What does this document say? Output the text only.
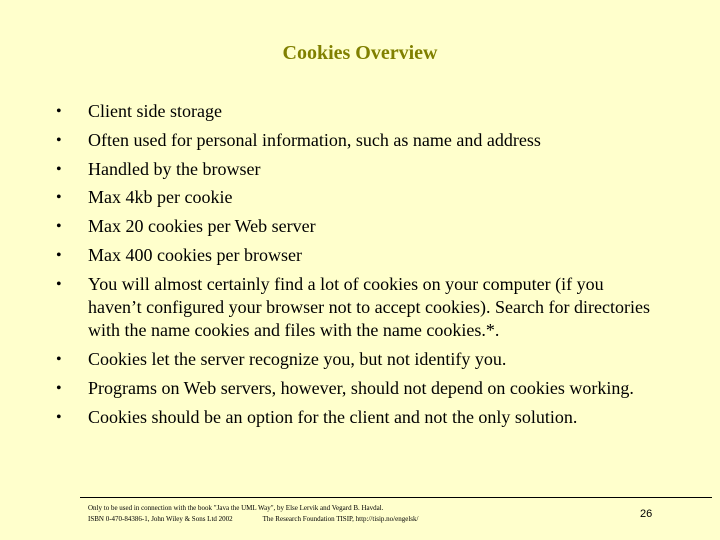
Cookies Overview
• Client side storage
• Often used for personal information, such as name and address
• Handled by the browser
• Max 4kb per cookie
• Max 20 cookies per Web server
• Max 400 cookies per browser
• You will almost certainly find a lot of cookies on your computer (if you haven’t configured your browser not to accept cookies). Search for directories with the name cookies and files with the name cookies.*.
• Cookies let the server recognize you, but not identify you.
• Programs on Web servers, however, should not depend on cookies working.
• Cookies should be an option for the client and not the only solution.
Only to be used in connection with the book "Java the UML Way", by Else Lervik and Vegard B. Havdal.
ISBN 0-470-84386-1, John Wiley & Sons Ltd 2002	The Research Foundation TISIP, http://tisip.no/engelsk/	26
